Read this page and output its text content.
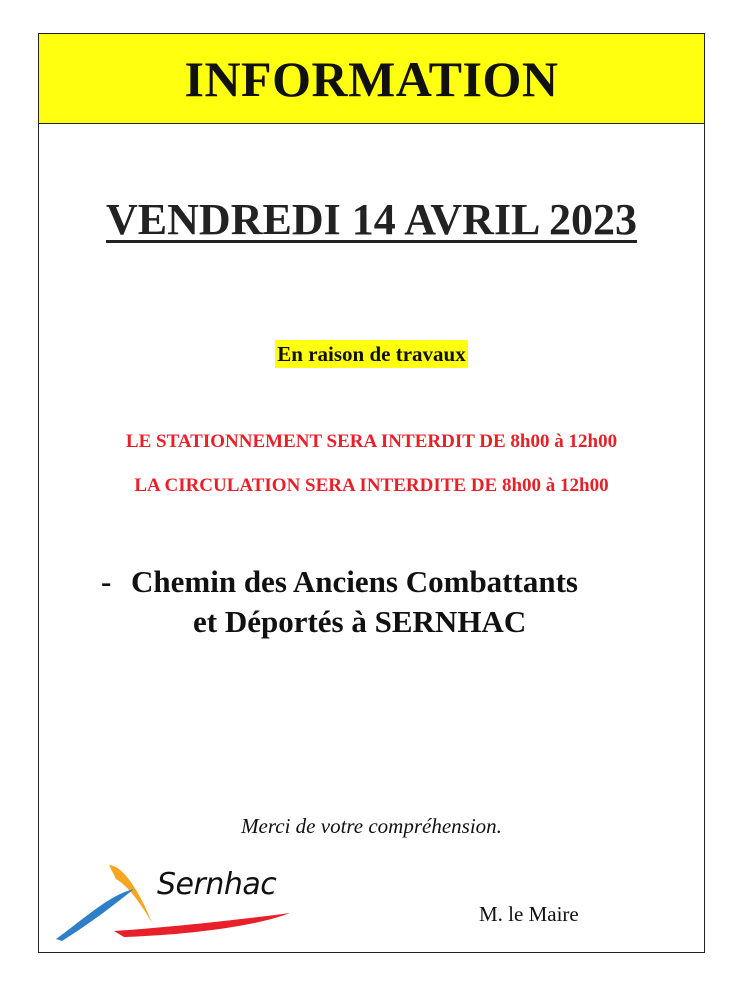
INFORMATION
VENDREDI 14 AVRIL 2023
En raison de travaux
LE STATIONNEMENT SERA INTERDIT DE 8h00 à 12h00
LA CIRCULATION SERA INTERDITE DE 8h00 à 12h00
- Chemin des Anciens Combattants
et Déportés à SERNHAC
Merci de votre compréhension.
Sernhac
M. le Maire
